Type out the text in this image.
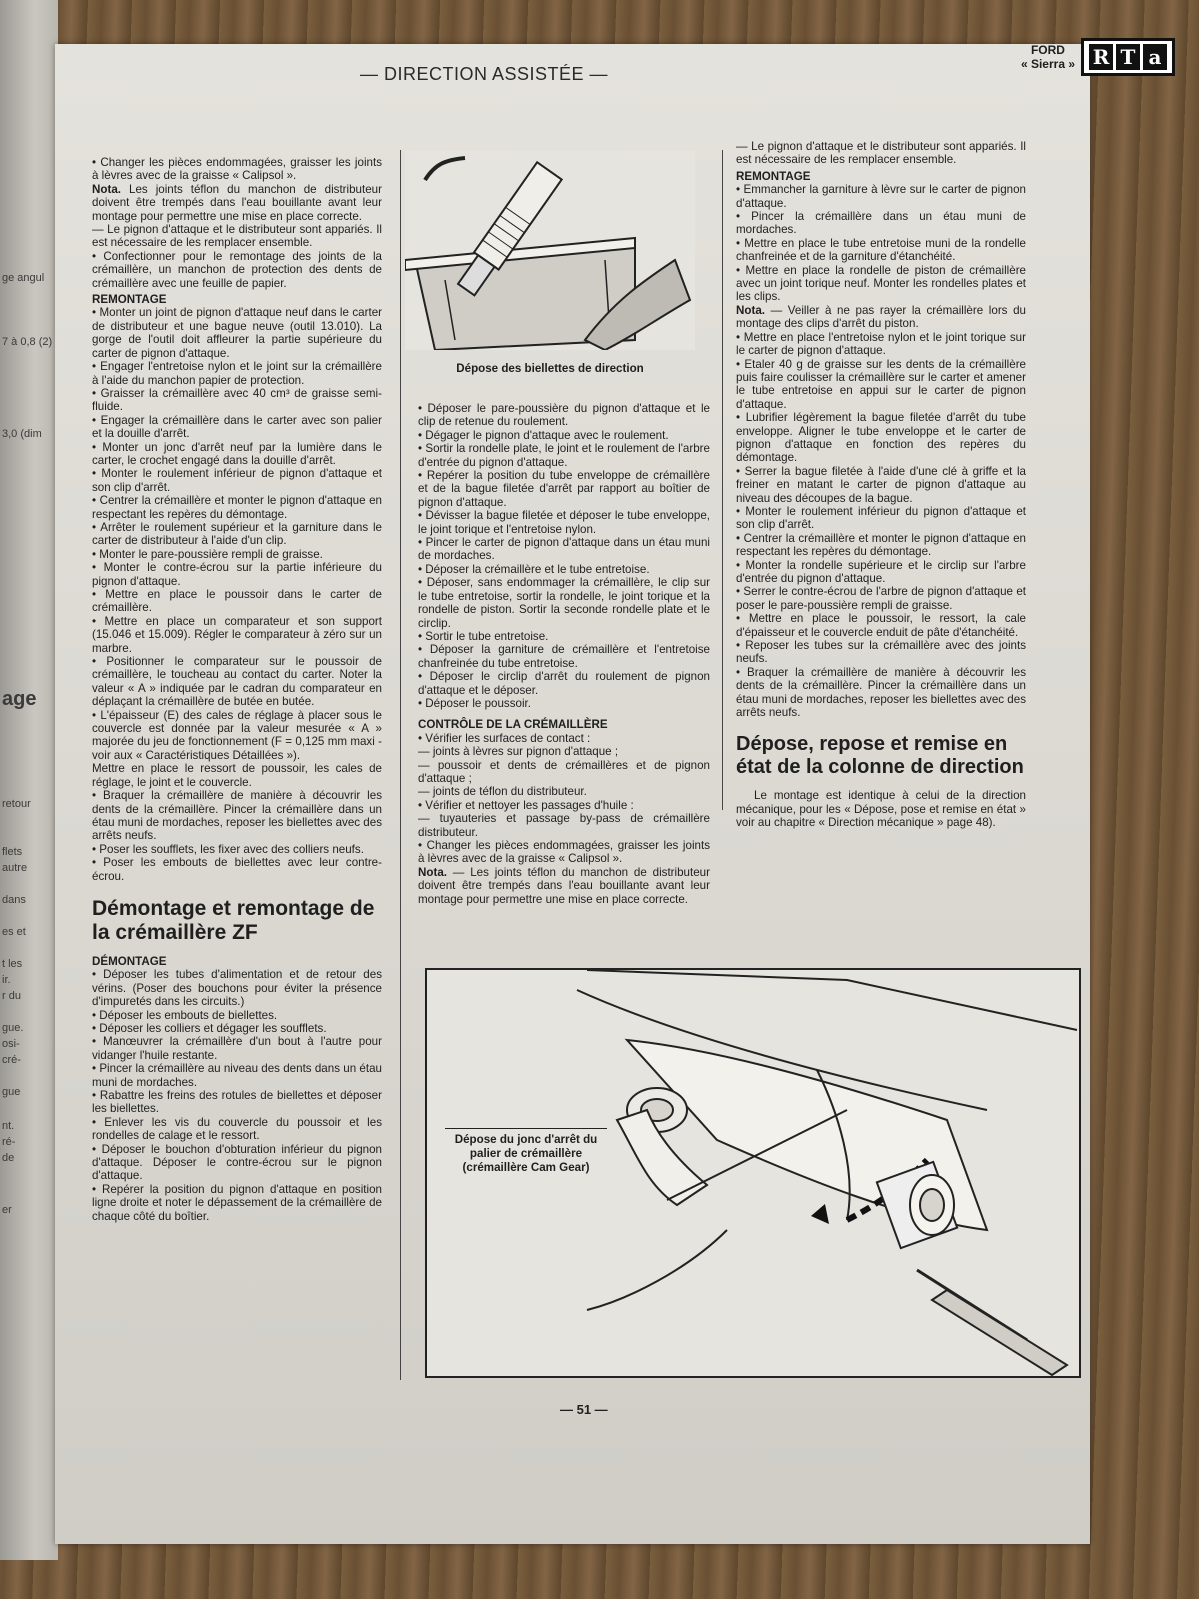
ge angul
7 à 0,8 (2)
3,0 (dim
age
retour
flets
autre
dans
es et
t les
ir.
r du
gue.
osi-
cré-
gue
nt.
ré-
de
er
— DIRECTION ASSISTÉE —
FORD
« Sierra » R T a

• Changer les pièces endommagées, graisser les joints à lèvres avec de la graisse « Calipsol ».

Nota. Les joints téflon du manchon de distributeur doivent être trempés dans l'eau bouillante avant leur montage pour permettre une mise en place correcte.

— Le pignon d'attaque et le distributeur sont appariés. Il est nécessaire de les remplacer ensemble.

• Confectionner pour le remontage des joints de la crémaillère, un manchon de protection des dents de crémaillère avec une feuille de papier.

REMONTAGE

• Monter un joint de pignon d'attaque neuf dans le carter de distributeur et une bague neuve (outil 13.010). La gorge de l'outil doit affleurer la partie supérieure du carter de pignon d'attaque.

• Engager l'entretoise nylon et le joint sur la crémaillère à l'aide du manchon papier de protection.

• Graisser la crémaillère avec 40 cm³ de graisse semi-fluide.

• Engager la crémaillère dans le carter avec son palier et la douille d'arrêt.

• Monter un jonc d'arrêt neuf par la lumière dans le carter, le crochet engagé dans la douille d'arrêt.

• Monter le roulement inférieur de pignon d'attaque et son clip d'arrêt.

• Centrer la crémaillère et monter le pignon d'attaque en respectant les repères du démontage.

• Arrêter le roulement supérieur et la garniture dans le carter de distributeur à l'aide d'un clip.

• Monter le pare-poussière rempli de graisse.

• Monter le contre-écrou sur la partie inférieure du pignon d'attaque.

• Mettre en place le poussoir dans le carter de crémaillère.

• Mettre en place un comparateur et son support (15.046 et 15.009). Régler le comparateur à zéro sur un marbre.

• Positionner le comparateur sur le poussoir de crémaillère, le toucheau au contact du carter. Noter la valeur « A » indiquée par le cadran du comparateur en déplaçant la crémaillère de butée en butée.

• L'épaisseur (E) des cales de réglage à placer sous le couvercle est donnée par la valeur mesurée « A » majorée du jeu de fonctionnement (F = 0,125 mm maxi - voir aux « Caractéristiques Détaillées »).

Mettre en place le ressort de poussoir, les cales de réglage, le joint et le couvercle.

• Braquer la crémaillère de manière à découvrir les dents de la crémaillère. Pincer la crémaillère dans un étau muni de mordaches, reposer les biellettes avec des arrêts neufs.

• Poser les soufflets, les fixer avec des colliers neufs.

• Poser les embouts de biellettes avec leur contre-écrou.

Démontage et remontage de la crémaillère ZF

DÉMONTAGE

• Déposer les tubes d'alimentation et de retour des vérins. (Poser des bouchons pour éviter la présence d'impuretés dans les circuits.)

• Déposer les embouts de biellettes.

• Déposer les colliers et dégager les soufflets.

• Manœuvrer la crémaillère d'un bout à l'autre pour vidanger l'huile restante.

• Pincer la crémaillère au niveau des dents dans un étau muni de mordaches.

• Rabattre les freins des rotules de biellettes et déposer les biellettes.

• Enlever les vis du couvercle du poussoir et les rondelles de calage et le ressort.

• Déposer le bouchon d'obturation inférieur du pignon d'attaque. Déposer le contre-écrou sur le pignon d'attaque.

• Repérer la position du pignon d'attaque en position ligne droite et noter le dépassement de la crémaillère de chaque côté du boîtier.

Dépose des biellettes de direction

• Déposer le pare-poussière du pignon d'attaque et le clip de retenue du roulement.

• Dégager le pignon d'attaque avec le roulement.

• Sortir la rondelle plate, le joint et le roulement de l'arbre d'entrée du pignon d'attaque.

• Repérer la position du tube enveloppe de crémaillère et de la bague filetée d'arrêt par rapport au boîtier de pignon d'attaque.

• Dévisser la bague filetée et déposer le tube enveloppe, le joint torique et l'entretoise nylon.

• Pincer le carter de pignon d'attaque dans un étau muni de mordaches.

• Déposer la crémaillère et le tube entretoise.

• Déposer, sans endommager la crémaillère, le clip sur le tube entretoise, sortir la rondelle, le joint torique et la rondelle de piston. Sortir la seconde rondelle plate et le circlip.

• Sortir le tube entretoise.

• Déposer la garniture de crémaillère et l'entretoise chanfreinée du tube entretoise.

• Déposer le circlip d'arrêt du roulement de pignon d'attaque et le déposer.

• Déposer le poussoir.

CONTRÔLE DE LA CRÉMAILLÈRE

• Vérifier les surfaces de contact :

— joints à lèvres sur pignon d'attaque ;

— poussoir et dents de crémaillères et de pignon d'attaque ;

— joints de téflon du distributeur.

• Vérifier et nettoyer les passages d'huile :

— tuyauteries et passage by-pass de crémaillère distributeur.

• Changer les pièces endommagées, graisser les joints à lèvres avec de la graisse « Calipsol ».

Nota. — Les joints téflon du manchon de distributeur doivent être trempés dans l'eau bouillante avant leur montage pour permettre une mise en place correcte.

— Le pignon d'attaque et le distributeur sont appariés. Il est nécessaire de les remplacer ensemble.

REMONTAGE

• Emmancher la garniture à lèvre sur le carter de pignon d'attaque.

• Pincer la crémaillère dans un étau muni de mordaches.

• Mettre en place le tube entretoise muni de la rondelle chanfreinée et de la garniture d'étanchéité.

• Mettre en place la rondelle de piston de crémaillère avec un joint torique neuf. Monter les rondelles plates et les clips.

Nota. — Veiller à ne pas rayer la crémaillère lors du montage des clips d'arrêt du piston.

• Mettre en place l'entretoise nylon et le joint torique sur le carter de pignon d'attaque.

• Etaler 40 g de graisse sur les dents de la crémaillère puis faire coulisser la crémaillère sur le carter et amener le tube entretoise en appui sur le carter de pignon d'attaque.

• Lubrifier légèrement la bague filetée d'arrêt du tube enveloppe. Aligner le tube enveloppe et le carter de pignon d'attaque en fonction des repères du démontage.

• Serrer la bague filetée à l'aide d'une clé à griffe et la freiner en matant le carter de pignon d'attaque au niveau des découpes de la bague.

• Monter le roulement inférieur du pignon d'attaque et son clip d'arrêt.

• Centrer la crémaillère et monter le pignon d'attaque en respectant les repères du démontage.

• Monter la rondelle supérieure et le circlip sur l'arbre d'entrée du pignon d'attaque.

• Serrer le contre-écrou de l'arbre de pignon d'attaque et poser le pare-poussière rempli de graisse.

• Mettre en place le poussoir, le ressort, la cale d'épaisseur et le couvercle enduit de pâte d'étanchéité.

• Reposer les tubes sur la crémaillère avec des joints neufs.

• Braquer la crémaillère de manière à découvrir les dents de la crémaillère. Pincer la crémaillère dans un étau muni de mordaches, reposer les biellettes avec des arrêts neufs.

Dépose, repose et remise en état de la colonne de direction

Le montage est identique à celui de la direction mécanique, pour les « Dépose, pose et remise en état » voir au chapitre « Direction mécanique » page 48).

Dépose du jonc d'arrêt du palier de crémaillère (crémaillère Cam Gear)
— 51 —
